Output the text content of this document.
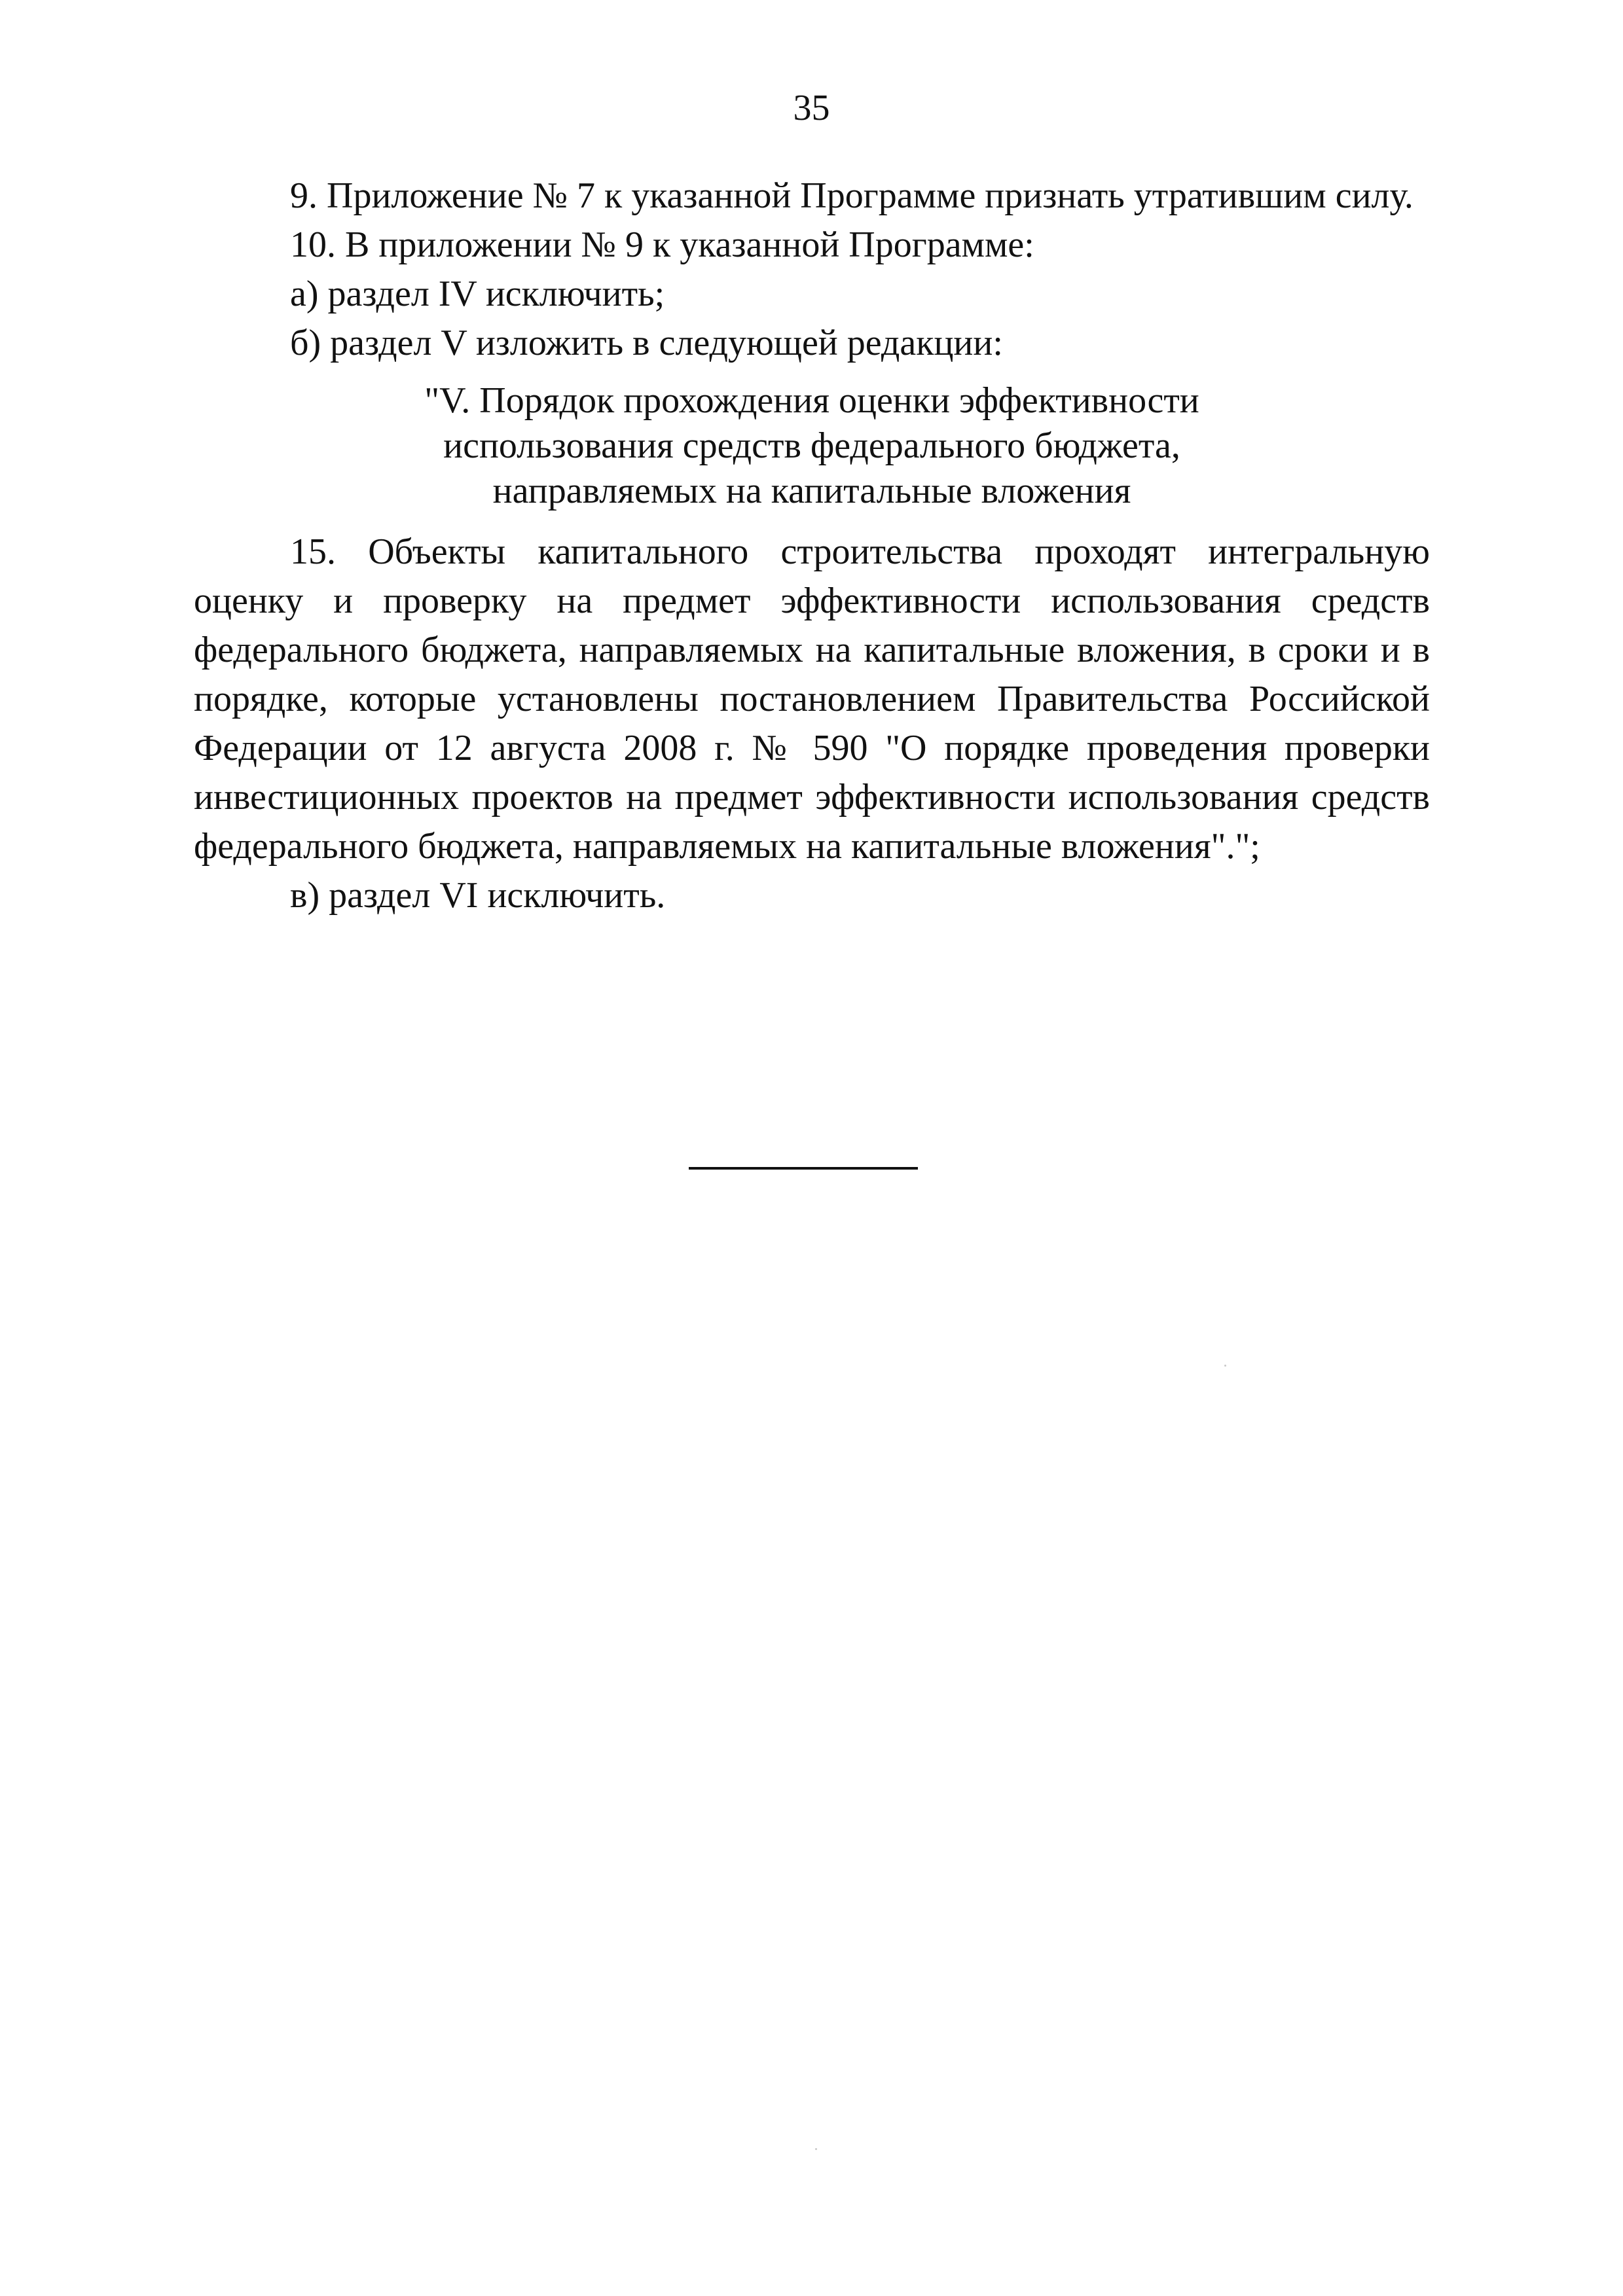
35

9. Приложение № 7 к указанной Программе признать утратившим силу.

10. В приложении № 9 к указанной Программе:

а) раздел IV исключить;

б) раздел V изложить в следующей редакции:

"V. Порядок прохождения оценки эффективности
использования средств федерального бюджета,
направляемых на капитальные вложения

15. Объекты капитального строительства проходят интегральную оценку и проверку на предмет эффективности использования средств федерального бюджета, направляемых на капитальные вложения, в сроки и в порядке, которые установлены постановлением Правительства Российской Федерации от 12 августа 2008 г. № 590 "О порядке проведения проверки инвестиционных проектов на предмет эффективности использования средств федерального бюджета, направляемых на капитальные вложения".";

в) раздел VI исключить.
